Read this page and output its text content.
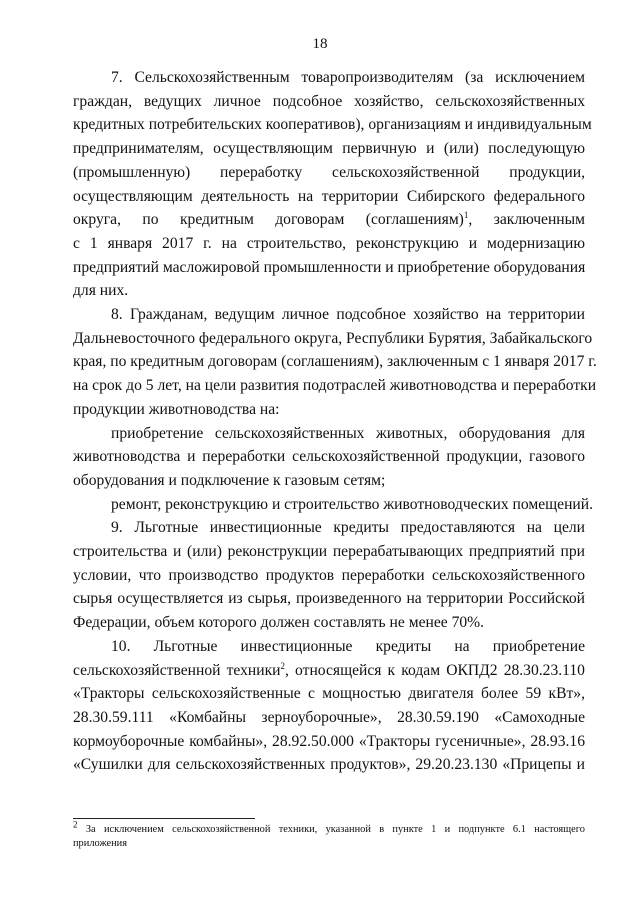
18
7. Сельскохозяйственным товаропроизводителям (за исключением
граждан, ведущих личное подсобное хозяйство, сельскохозяйственных
кредитных потребительских кооперативов), организациям и индивидуальным
предпринимателям, осуществляющим первичную и (или) последующую
(промышленную) переработку сельскохозяйственной продукции,
осуществляющим деятельность на территории Сибирского федерального
округа, по кредитным договорам (соглашениям)$^1$, заключенным
с 1 января 2017 г. на строительство, реконструкцию и модернизацию
предприятий масложировой промышленности и приобретение оборудования
для них.
8. Гражданам, ведущим личное подсобное хозяйство на территории
Дальневосточного федерального округа, Республики Бурятия, Забайкальского
края, по кредитным договорам (соглашениям), заключенным с 1 января 2017 г.
на срок до 5 лет, на цели развития подотраслей животноводства и переработки
продукции животноводства на:
приобретение сельскохозяйственных животных, оборудования для
животноводства и переработки сельскохозяйственной продукции, газового
оборудования и подключение к газовым сетям;
ремонт, реконструкцию и строительство животноводческих помещений.
9. Льготные инвестиционные кредиты предоставляются на цели
строительства и (или) реконструкции перерабатывающих предприятий при
условии, что производство продуктов переработки сельскохозяйственного
сырья осуществляется из сырья, произведенного на территории Российской
Федерации, объем которого должен составлять не менее 70%.
10. Льготные инвестиционные кредиты на приобретение
сельскохозяйственной техники$^2$, относящейся к кодам ОКПД2 28.30.23.110
«Тракторы сельскохозяйственные с мощностью двигателя более 59 кВт»,
28.30.59.111 «Комбайны зерноуборочные», 28.30.59.190 «Самоходные
кормоуборочные комбайны», 28.92.50.000 «Тракторы гусеничные», 28.93.16
«Сушилки для сельскохозяйственных продуктов», 29.20.23.130 «Прицепы и
$^2$ За исключением сельскохозяйственной техники, указанной в пункте 1 и подпункте 6.1 настоящего
приложения
